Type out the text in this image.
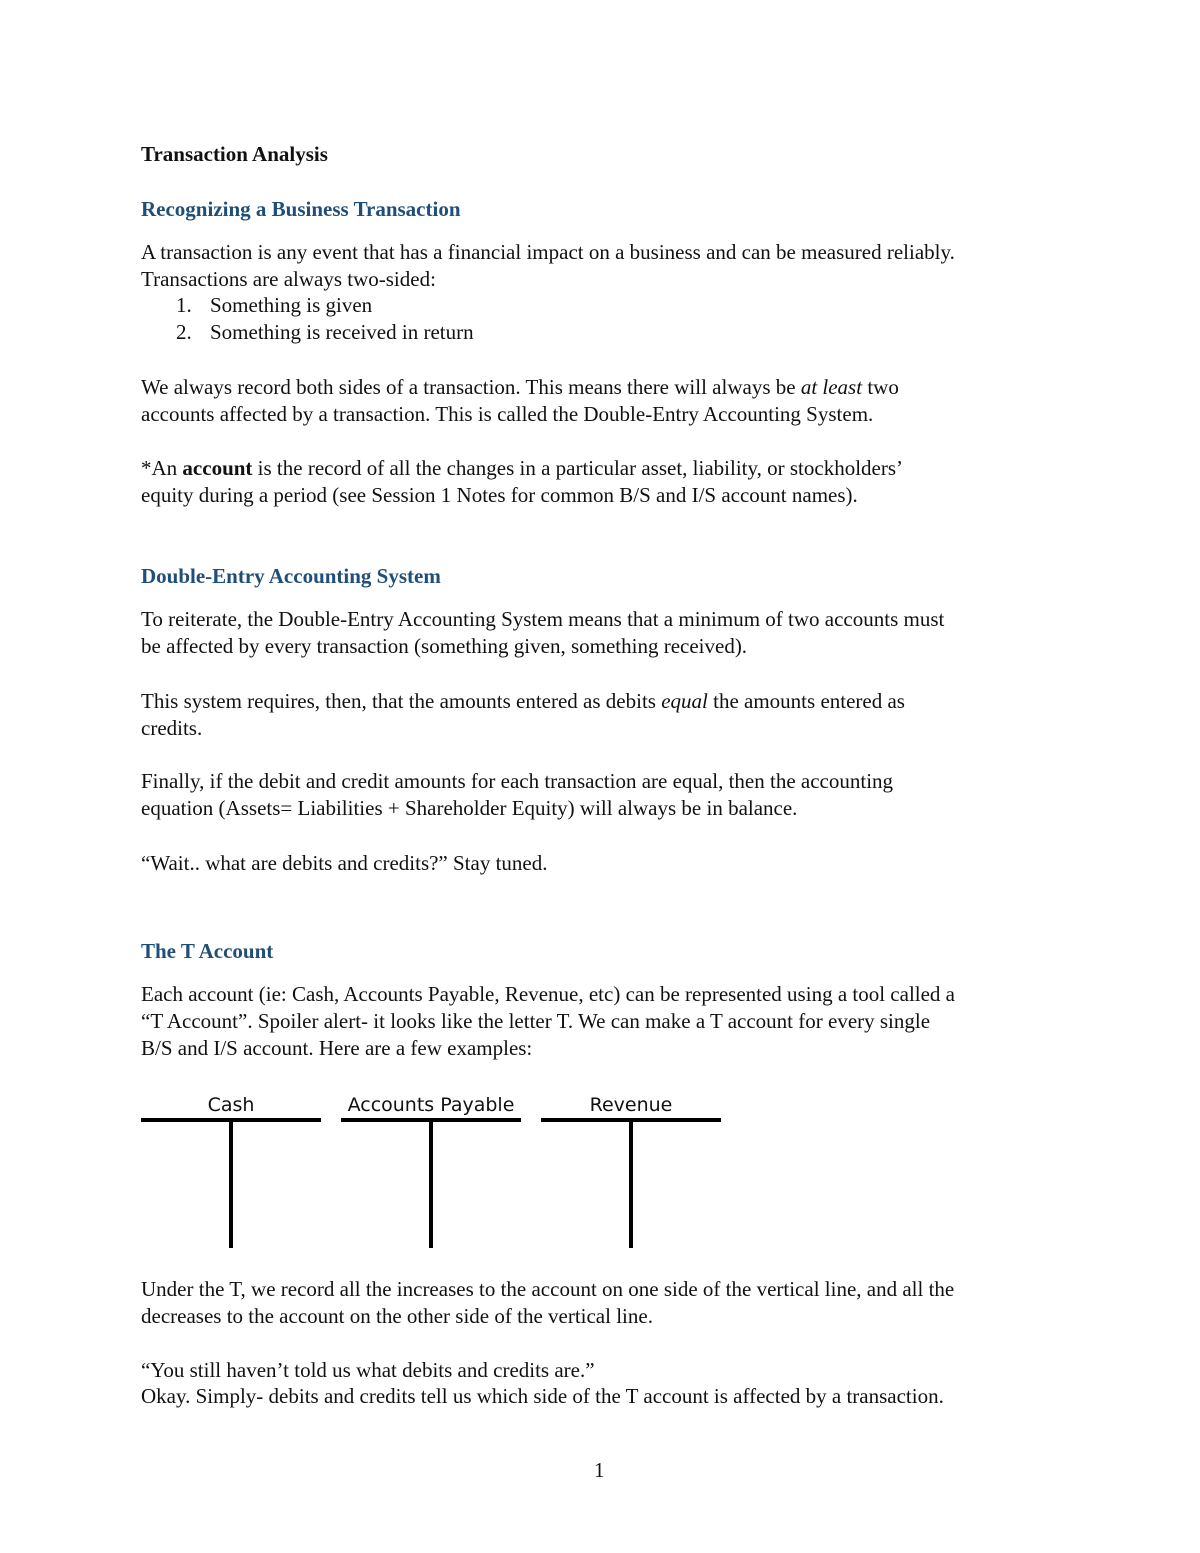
Transaction Analysis
Recognizing a Business Transaction

A transaction is any event that has a financial impact on a business and can be measured reliably.

Transactions are always two-sided:

1. Something is given
2. Something is received in return

We always record both sides of a transaction. This means there will always be at least two

accounts affected by a transaction. This is called the Double-Entry Accounting System.

*An account is the record of all the changes in a particular asset, liability, or stockholders’

equity during a period (see Session 1 Notes for common B/S and I/S account names).

Double-Entry Accounting System

To reiterate, the Double-Entry Accounting System means that a minimum of two accounts must

be affected by every transaction (something given, something received).

This system requires, then, that the amounts entered as debits equal the amounts entered as

credits.

Finally, if the debit and credit amounts for each transaction are equal, then the accounting

equation (Assets= Liabilities + Shareholder Equity) will always be in balance.

“Wait.. what are debits and credits?” Stay tuned.

The T Account

Each account (ie: Cash, Accounts Payable, Revenue, etc) can be represented using a tool called a

“T Account”. Spoiler alert- it looks like the letter T. We can make a T account for every single

B/S and I/S account. Here are a few examples:

Cash	Accounts Payable	Revenue

Under the T, we record all the increases to the account on one side of the vertical line, and all the

decreases to the account on the other side of the vertical line.

“You still haven’t told us what debits and credits are.”

Okay. Simply- debits and credits tell us which side of the T account is affected by a transaction.

1
